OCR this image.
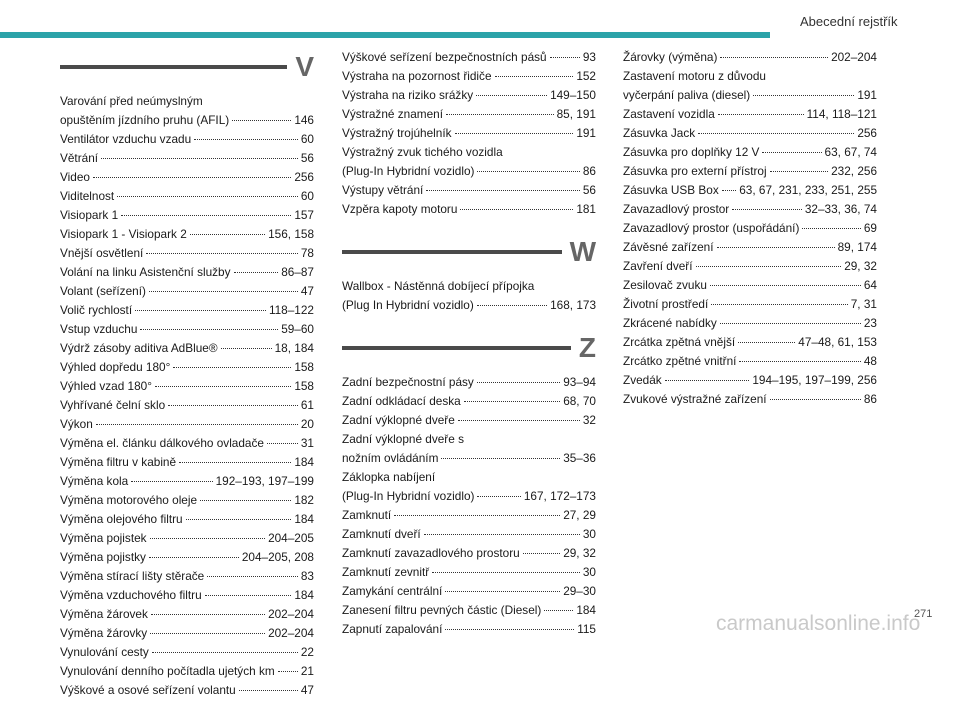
Abecední rejstřík
V
Varování před neúmyslným
opuštěním jízdního pruhu (AFIL)	146
Ventilátor vzduchu vzadu	60
Větrání	56
Video	256
Viditelnost	60
Visiopark 1	157
Visiopark 1 - Visiopark 2	156, 158
Vnější osvětlení	78
Volání na linku Asistenční služby	86–87
Volant (seřízení)	47
Volič rychlostí	118–122
Vstup vzduchu	59–60
Výdrž zásoby aditiva AdBlue®	18, 184
Výhled dopředu 180°	158
Výhled vzad 180°	158
Vyhřívané čelní sklo	61
Výkon	20
Výměna el. článku dálkového ovladače	31
Výměna filtru v kabině	184
Výměna kola	192–193, 197–199
Výměna motorového oleje	182
Výměna olejového filtru	184
Výměna pojistek	204–205
Výměna pojistky	204–205, 208
Výměna stírací lišty stěrače	83
Výměna vzduchového filtru	184
Výměna žárovek	202–204
Výměna žárovky	202–204
Vynulování cesty	22
Vynulování denního počítadla ujetých km 21
Výškové a osové seřízení volantu	47
Výškové seřízení bezpečnostních pásů	93
Výstraha na pozornost řidiče	152
Výstraha na riziko srážky	149–150
Výstražné znamení	85, 191
Výstražný trojúhelník	191
Výstražný zvuk tichého vozidla
(Plug-In Hybridní vozidlo)	86
Výstupy větrání	56
Vzpěra kapoty motoru	181
W
Wallbox - Nástěnná dobíjecí přípojka
(Plug In Hybridní vozidlo)	168, 173
Z
Zadní bezpečnostní pásy	93–94
Zadní odkládací deska	68, 70
Zadní výklopné dveře	32
Zadní výklopné dveře s
nožním ovládáním	35–36
Záklopka nabíjení
(Plug-In Hybridní vozidlo)	167, 172–173
Zamknutí	27, 29
Zamknutí dveří	30
Zamknutí zavazadlového prostoru	29, 32
Zamknutí zevnitř	30
Zamykání centrální	29–30
Zanesení filtru pevných částic (Diesel)	184
Zapnutí zapalování	115
Žárovky (výměna)	202–204
Zastavení motoru z důvodu
vyčerpání paliva (diesel)	191
Zastavení vozidla	114, 118–121
Zásuvka Jack	256
Zásuvka pro doplňky 12 V	63, 67, 74
Zásuvka pro externí přístroj	232, 256
Zásuvka USB Box 63, 67, 231, 233, 251, 255
Zavazadlový prostor	32–33, 36, 74
Zavazadlový prostor (uspořádání)	69
Závěsné zařízení	89, 174
Zavření dveří	29, 32
Zesilovač zvuku	64
Životní prostředí	7, 31
Zkrácené nabídky	23
Zrcátka zpětná vnější	47–48, 61, 153
Zrcátko zpětné vnitřní	48
Zvedák	194–195, 197–199, 256
Zvukové výstražné zařízení	86
carmanualsonline.info
271
